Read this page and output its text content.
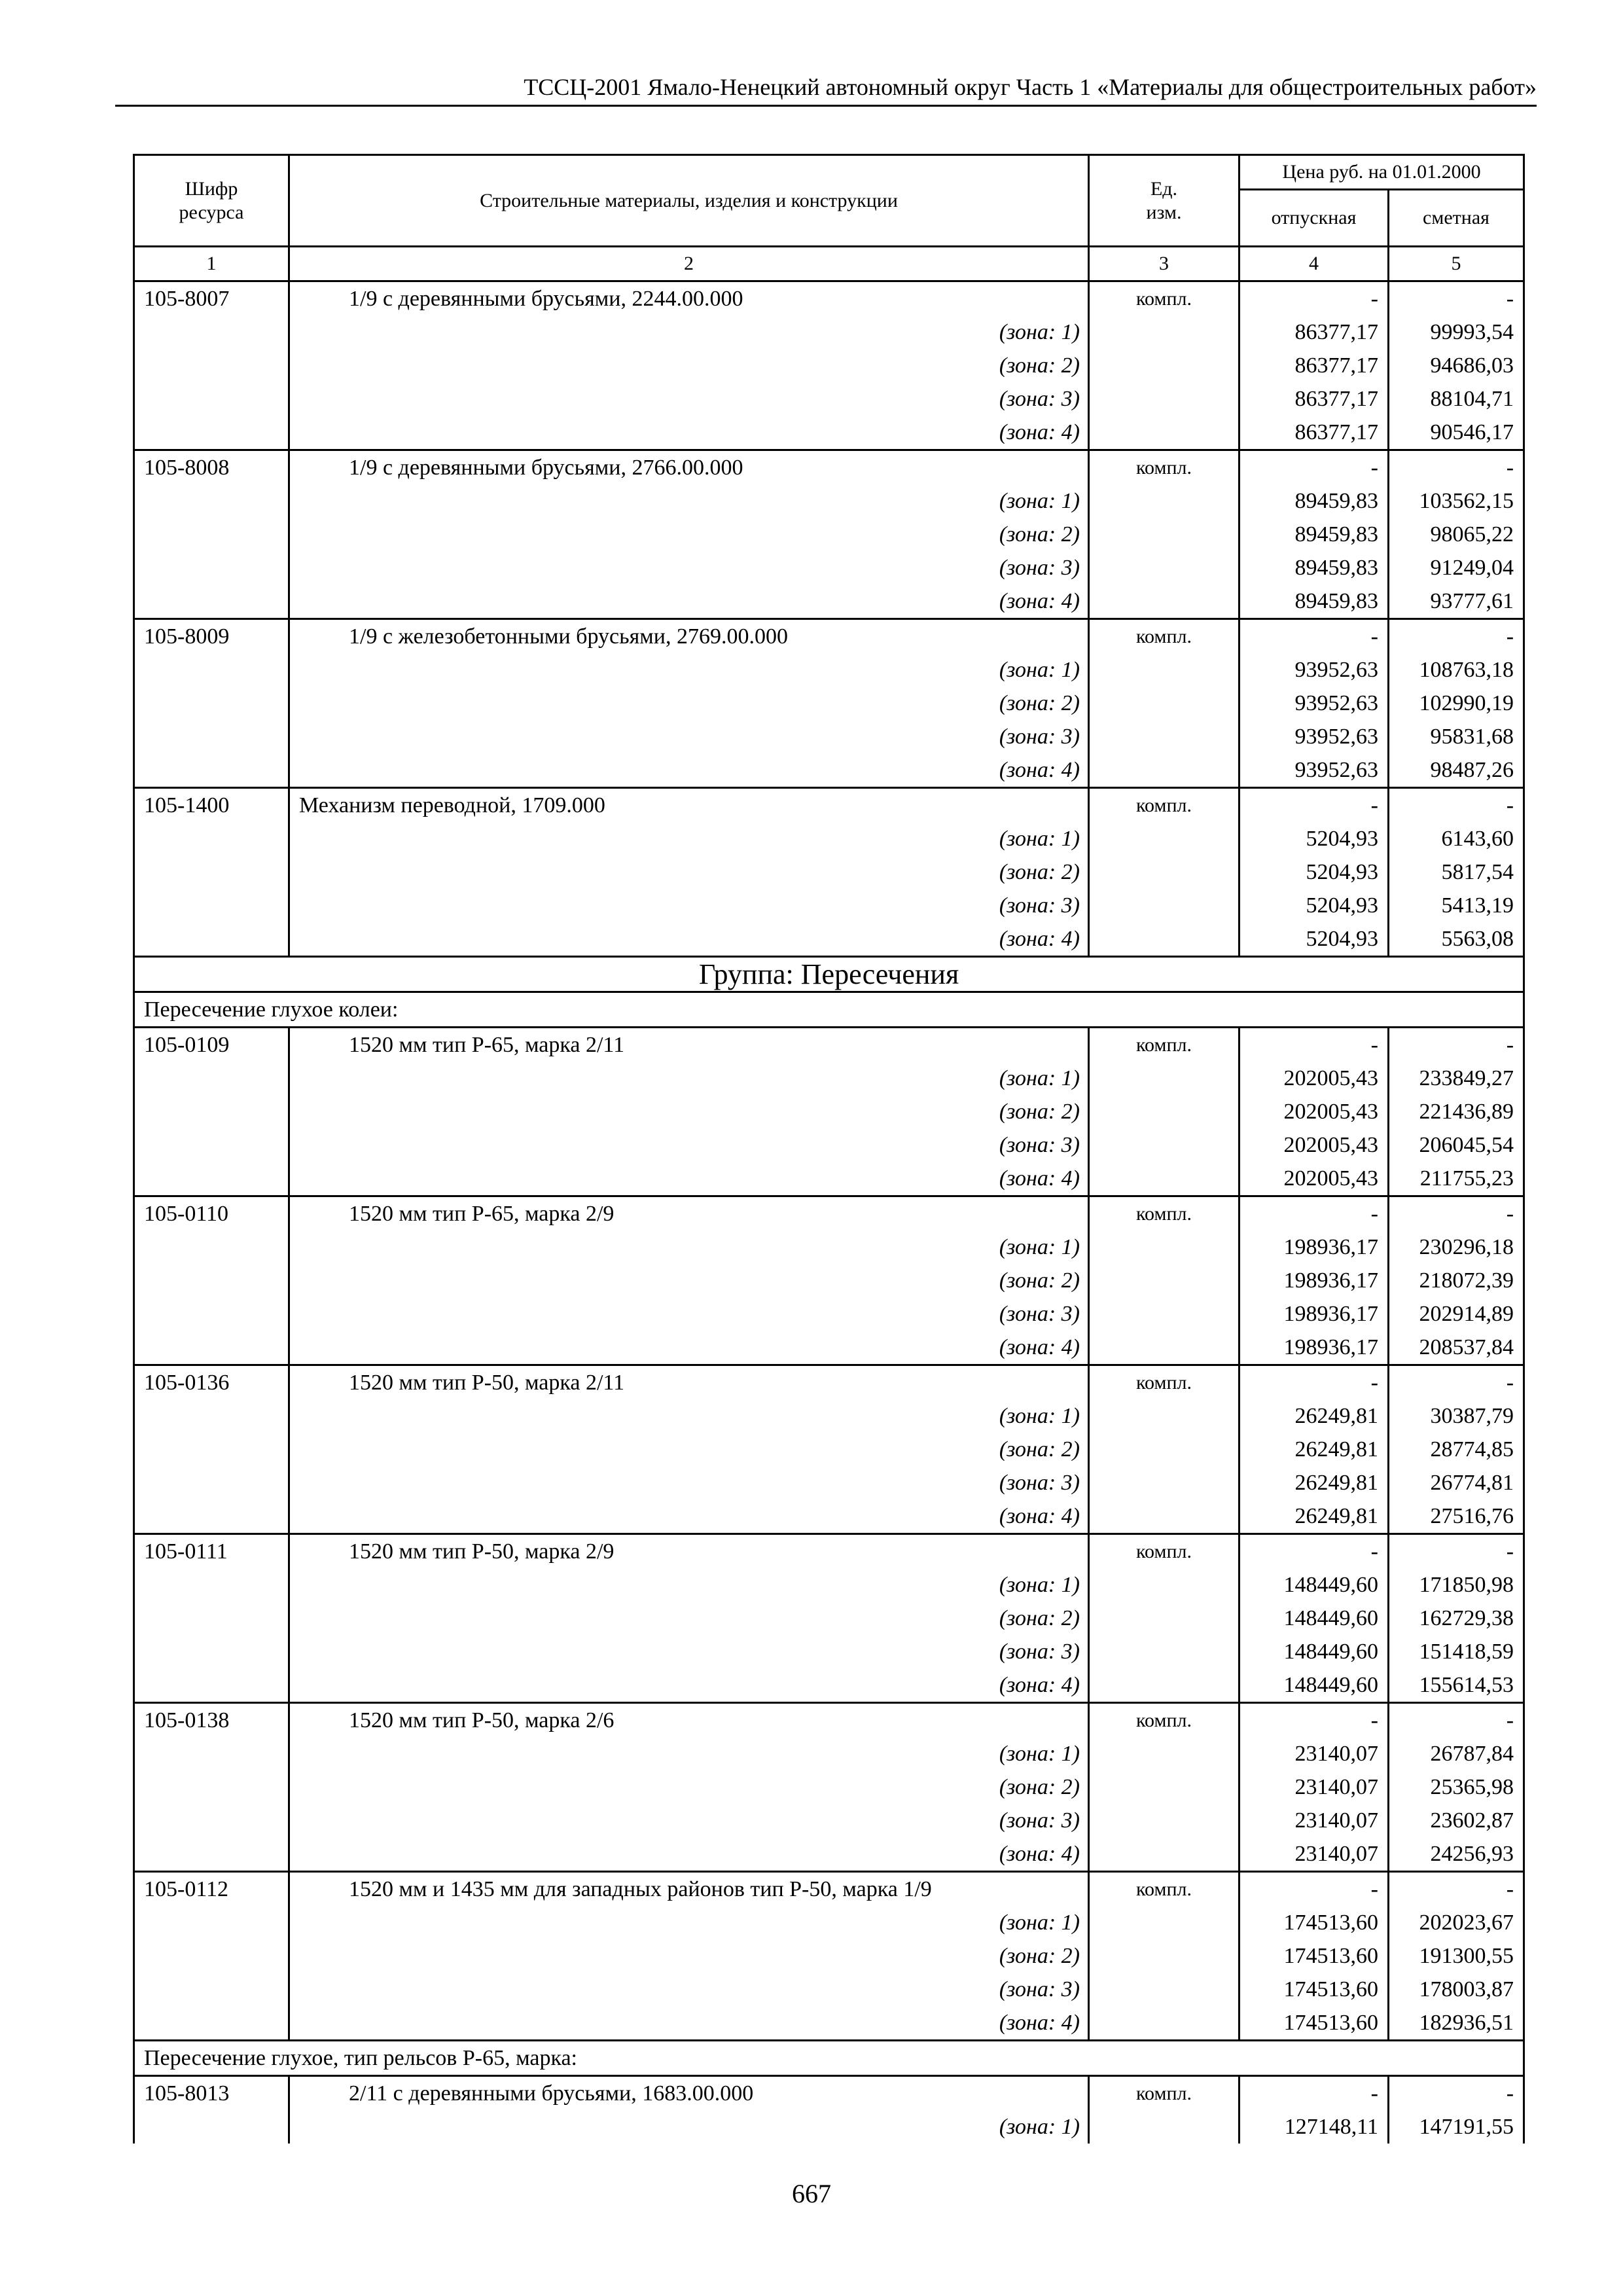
ТССЦ-2001 Ямало-Ненецкий автономный округ Часть 1 «Материалы для общестроительных работ»
Шифр ресурса	Строительные материалы, изделия и конструкции	Ед. изм.	Цена руб. на 01.01.2000	
			отпускная	сметная
1	2	3	4	5
105-8007	1/9 с деревянными брусьями, 2244.00.000	компл.	-	-
	(зона: 1)		86377,17	99993,54
	(зона: 2)		86377,17	94686,03
	(зона: 3)		86377,17	88104,71
	(зона: 4)		86377,17	90546,17
105-8008	1/9 с деревянными брусьями, 2766.00.000	компл.	-	-
	(зона: 1)		89459,83	103562,15
	(зона: 2)		89459,83	98065,22
	(зона: 3)		89459,83	91249,04
	(зона: 4)		89459,83	93777,61
105-8009	1/9 с железобетонными брусьями, 2769.00.000	компл.	-	-
	(зона: 1)		93952,63	108763,18
	(зона: 2)		93952,63	102990,19
	(зона: 3)		93952,63	95831,68
	(зона: 4)		93952,63	98487,26
105-1400	Механизм переводной, 1709.000	компл.	-	-
	(зона: 1)		5204,93	6143,60
	(зона: 2)		5204,93	5817,54
	(зона: 3)		5204,93	5413,19
	(зона: 4)		5204,93	5563,08
Группа: Пересечения				
Пересечение глухое колеи:				
105-0109	1520 мм тип Р-65, марка 2/11	компл.	-	-
	(зона: 1)		202005,43	233849,27
	(зона: 2)		202005,43	221436,89
	(зона: 3)		202005,43	206045,54
	(зона: 4)		202005,43	211755,23
105-0110	1520 мм тип Р-65, марка 2/9	компл.	-	-
	(зона: 1)		198936,17	230296,18
	(зона: 2)		198936,17	218072,39
	(зона: 3)		198936,17	202914,89
	(зона: 4)		198936,17	208537,84
105-0136	1520 мм тип Р-50, марка 2/11	компл.	-	-
	(зона: 1)		26249,81	30387,79
	(зона: 2)		26249,81	28774,85
	(зона: 3)		26249,81	26774,81
	(зона: 4)		26249,81	27516,76
105-0111	1520 мм тип Р-50, марка 2/9	компл.	-	-
	(зона: 1)		148449,60	171850,98
	(зона: 2)		148449,60	162729,38
	(зона: 3)		148449,60	151418,59
	(зона: 4)		148449,60	155614,53
105-0138	1520 мм тип Р-50, марка 2/6	компл.	-	-
	(зона: 1)		23140,07	26787,84
	(зона: 2)		23140,07	25365,98
	(зона: 3)		23140,07	23602,87
	(зона: 4)		23140,07	24256,93
105-0112	1520 мм и 1435 мм для западных районов тип Р-50, марка 1/9	компл.	-	-
	(зона: 1)		174513,60	202023,67
	(зона: 2)		174513,60	191300,55
	(зона: 3)		174513,60	178003,87
	(зона: 4)		174513,60	182936,51
Пересечение глухое, тип рельсов Р-65, марка:				
105-8013	2/11 с деревянными брусьями, 1683.00.000	компл.	-	-
	(зона: 1)		127148,11	147191,55
667
